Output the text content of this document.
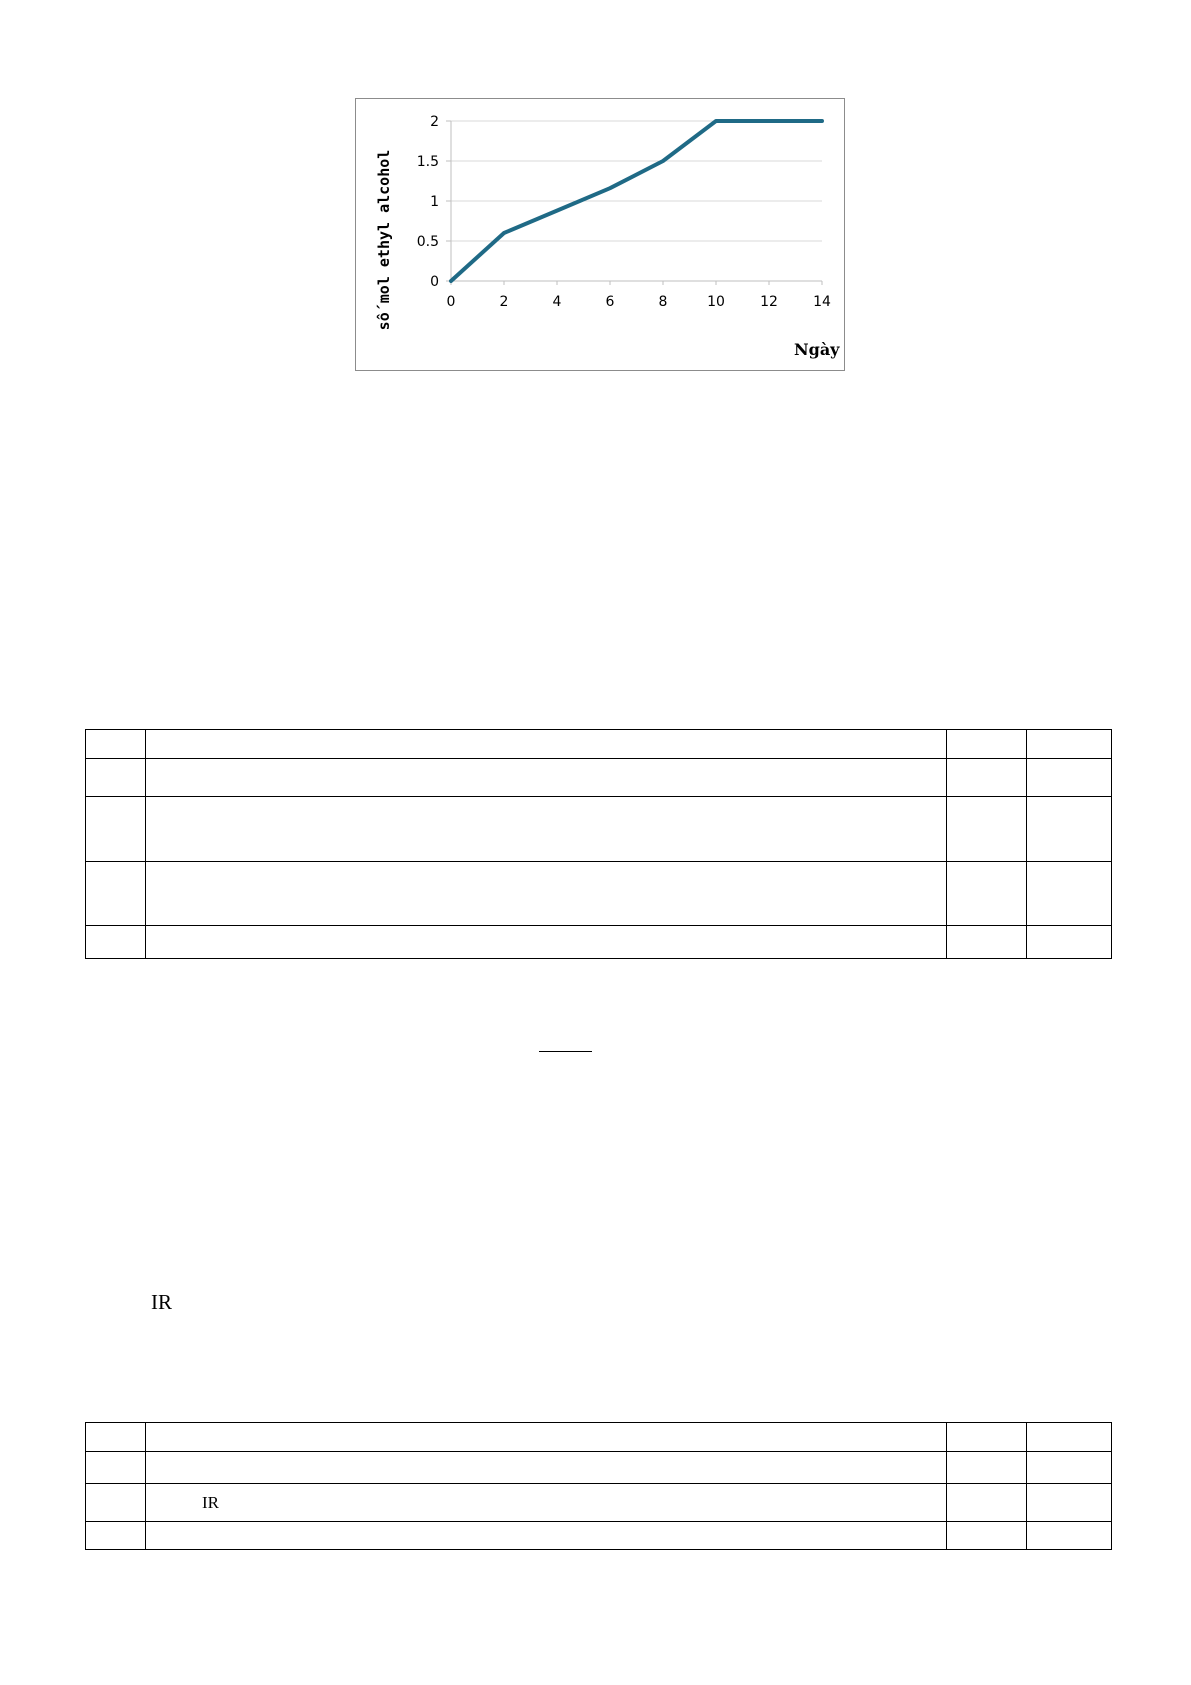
0
0.5
1
1.5
2
0	2	4	6	8	10	12	14
số mol ethyl alcohol
Ngày

IR

	IR		
